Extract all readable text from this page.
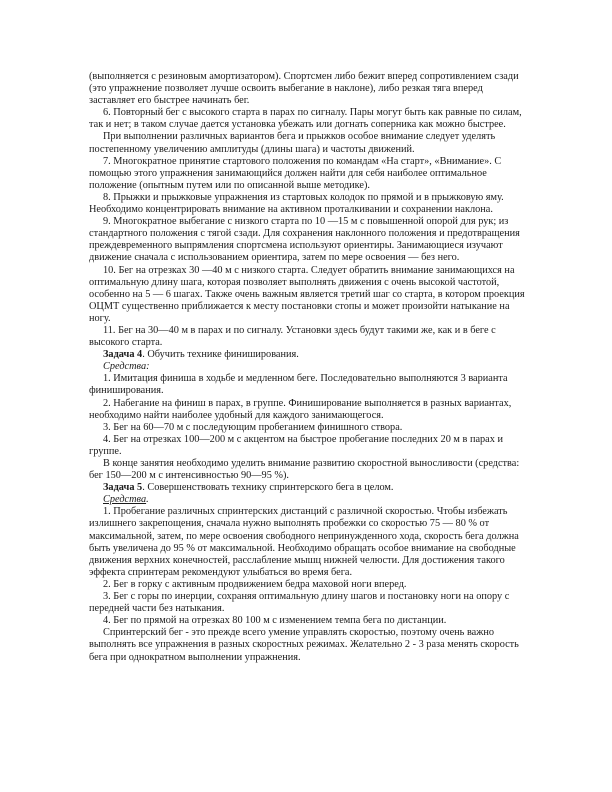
(выполняется с резиновым амортизатором). Спортсмен либо бежит вперед сопротивлением сзади (это упражнение позволяет лучше освоить выбегание в наклоне), либо резкая тяга вперед заставляет его быстрее начинать бег.

6. Повторный бег с высокого старта в парах по сигналу. Пары могут быть как равные по силам, так и нет; в таком случае дается установка убежать или догнать соперника как можно быстрее.

При выполнении различных вариантов бега и прыжков особое внимание следует уделять постепенному увеличению амплитуды (длины шага) и частоты движений.

7. Многократное принятие стартового положения по командам «На старт», «Внимание». С помощью этого упражнения занимающийся должен найти для себя наиболее оптимальное положение (опытным путем или по описанной выше методике).

8. Прыжки и прыжковые упражнения из стартовых колодок по прямой и в прыжковую яму. Необходимо концентрировать внимание на активном проталкивании и сохранении наклона.

9. Многократное выбегание с низкого старта по 10 —15 м с повышенной опорой для рук; из стандартного положения с тягой сзади. Для сохранения наклонного положения и предотвращения преждевременного выпрямления спортсмена используют ориентиры. Занимающиеся изучают движение сначала с использованием ориентира, затем по мере освоения — без него.

10. Бег на отрезках 30 —40 м с низкого старта. Следует обратить внимание занимающихся на оптимальную длину шага, которая позволяет выполнять движения с очень высокой частотой, особенно на 5 — 6 шагах. Также очень важным является третий шаг со старта, в котором проекция ОЦМТ существенно приближается к месту постановки стопы и может произойти натыкание на ногу.

11. Бег на 30—40 м в парах и по сигналу. Установки здесь будут такими же, как и в беге с высокого старта.

Задача 4. Обучить технике финиширования.

Средства:

1. Имитация финиша в ходьбе и медленном беге. Последовательно выполняются 3 варианта финиширования.

2. Набегание на финиш в парах, в группе. Финиширование выполняется в разных вариантах, необходимо найти наиболее удобный для каждого занимающегося.

3. Бег на 60—70 м с последующим пробеганием финишного створа.

4. Бег на отрезках 100—200 м с акцентом на быстрое пробегание последних 20 м в парах и группе.

В конце занятия необходимо уделить внимание развитию скоростной выносливости (средства: бег 150—200 м с интенсивностью 90—95 %).

Задача 5. Совершенствовать технику спринтерского бега в целом.

Средства.

1. Пробегание различных спринтерских дистанций с различной скоростью. Чтобы избежать излишнего закрепощения, сначала нужно выполнять пробежки со скоростью 75 — 80 % от максимальной, затем, по мере освоения свободного непринужденного хода, скорость бега должна быть увеличена до 95 % от максимальной. Необходимо обращать особое внимание на свободные движения верхних конечностей, расслабление мышц нижней челюсти. Для достижения такого эффекта спринтерам рекомендуют улыбаться во время бега.

2. Бег в горку с активным продвижением бедра маховой ноги вперед.

3. Бег с горы по инерции, сохраняя оптимальную длину шагов и постановку ноги на опору с передней части без натыкания.

4. Бег по прямой на отрезках 80 100 м с изменением темпа бега по дистанции.

Спринтерский бег - это прежде всего умение управлять скоростью, поэтому очень важно выполнять все упражнения в разных скоростных режимах. Желательно 2 - 3 раза менять скорость бега при однократном выполнении упражнения.
